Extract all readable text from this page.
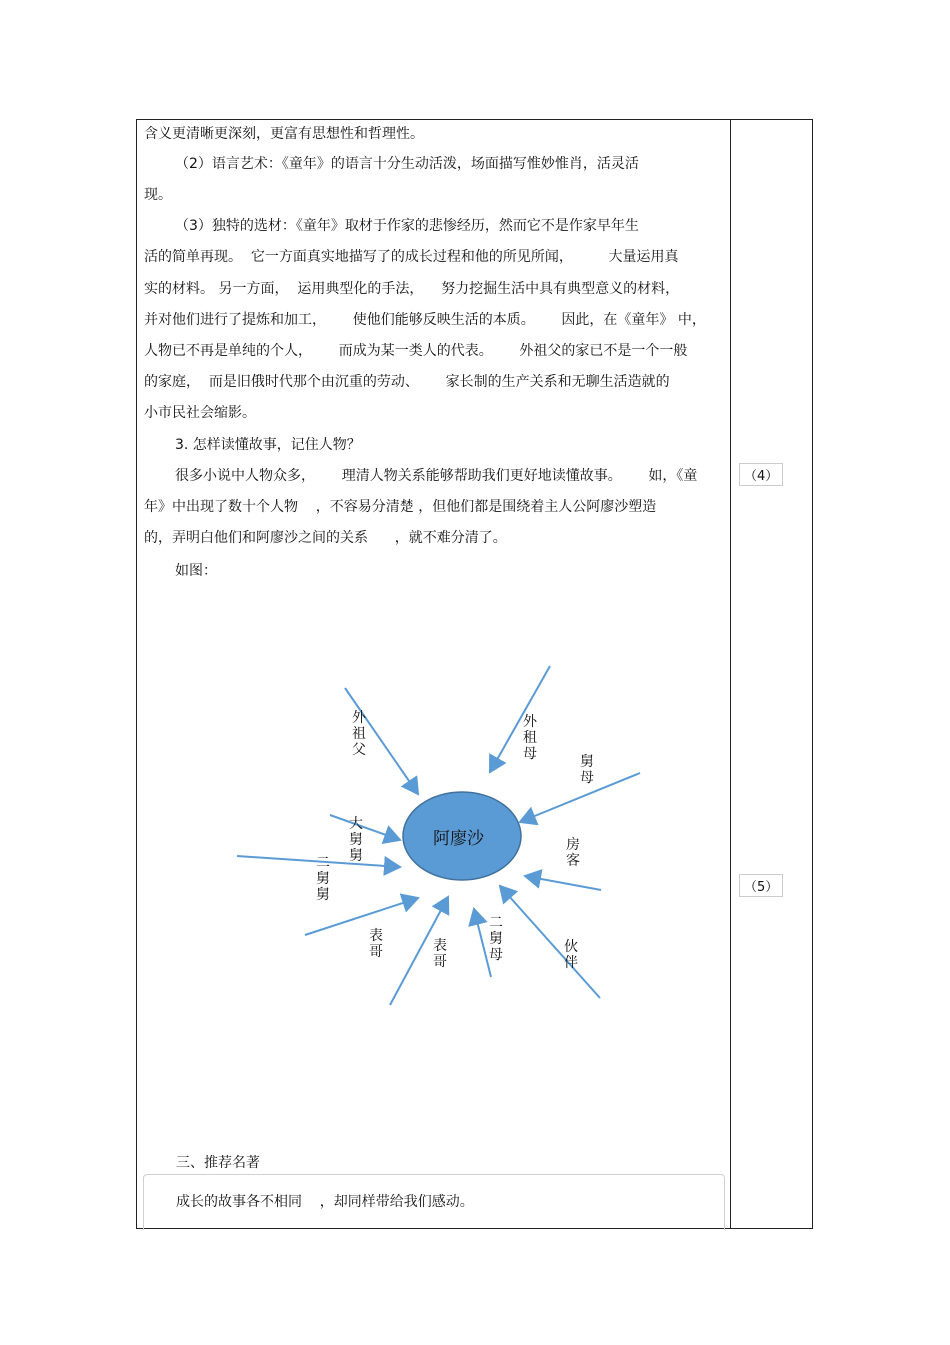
含义更清晰更深刻，更富有思想性和哲理性。
（2）语言艺术：《童年》的语言十分生动活泼，场面描写惟妙惟肖，活灵活
现。
（3）独特的选材：《童年》取材于作家的悲惨经历，然而它不是作家早年生
活的简单再现。  它一方面真实地描写了的成长过程和他的所见所闻，        大量运用真
实的材料。 另一方面，  运用典型化的手法，    努力挖掘生活中具有典型意义的材料，
并对他们进行了提炼和加工，      使他们能够反映生活的本质。      因此，在《童年》 中，
人物已不再是单纯的个人，      而成为某一类人的代表。      外祖父的家已不是一个一般
的家庭，  而是旧俄时代那个由沉重的劳动、      家长制的生产关系和无聊生活造就的
小市民社会缩影。
3. 怎样读懂故事，记住人物？
很多小说中人物众多，      理清人物关系能够帮助我们更好地读懂故事。      如，《童
年》中出现了数十个人物    ，不容易分清楚 ，但他们都是围绕着主人公阿廖沙塑造
的，弄明白他们和阿廖沙之间的关系      ，就不难分清了。
如图：
（4）
（5）
阿廖沙
外祖父
外租母	舅母
房客
伙伴
二舅母
表哥
表哥
二舅舅
大舅舅
三、推荐名著
成长的故事各不相同    ，却同样带给我们感动。
